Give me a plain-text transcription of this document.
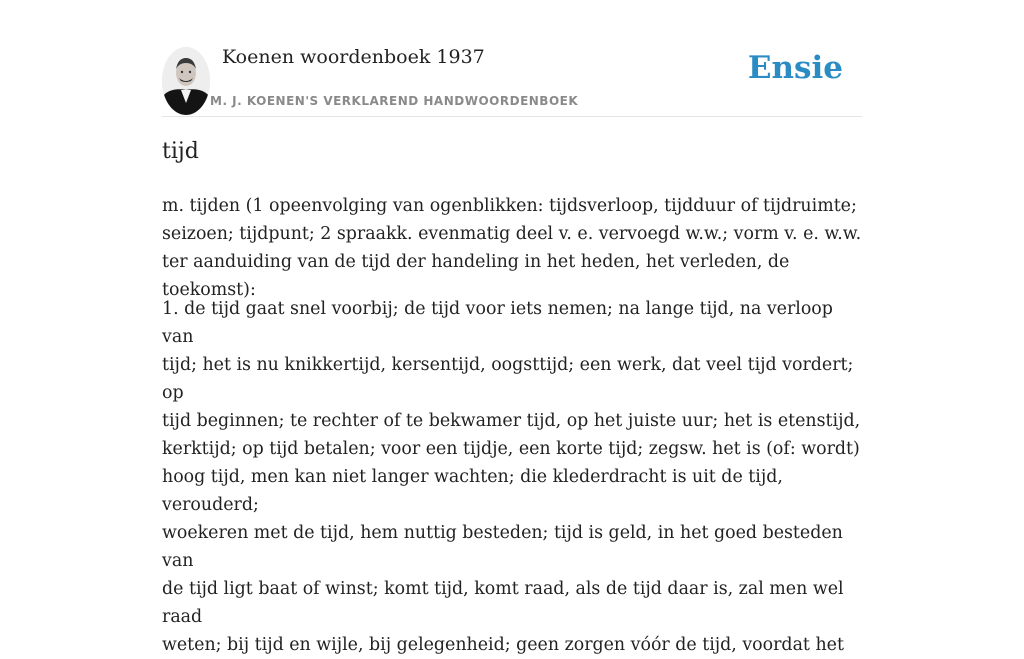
Koenen woordenboek 1937
M. J. KOENEN'S VERKLAREND HANDWOORDENBOEK
Ensie
tijd

m. tijden (1 opeenvolging van ogenblikken: tijdsverloop, tijdduur of tijdruimte;
seizoen; tijdpunt; 2 spraakk. evenmatig deel v. e. vervoegd w.w.; vorm v. e. w.w.
ter aanduiding van de tijd der handeling in het heden, het verleden, de toekomst):

1. de tijd gaat snel voorbij; de tijd voor iets nemen; na lange tijd, na verloop van
tijd; het is nu knikkertijd, kersentijd, oogsttijd; een werk, dat veel tijd vordert; op
tijd beginnen; te rechter of te bekwamer tijd, op het juiste uur; het is etenstijd,
kerktijd; op tijd betalen; voor een tijdje, een korte tijd; zegsw. het is (of: wordt)
hoog tijd, men kan niet langer wachten; die klederdracht is uit de tijd, verouderd;
woekeren met de tijd, hem nuttig besteden; tijd is geld, in het goed besteden van
de tijd ligt baat of winst; komt tijd, komt raad, als de tijd daar is, zal men wel raad
weten; bij tijd en wijle, bij gelegenheid; geen zorgen vóór de tijd, voordat het
